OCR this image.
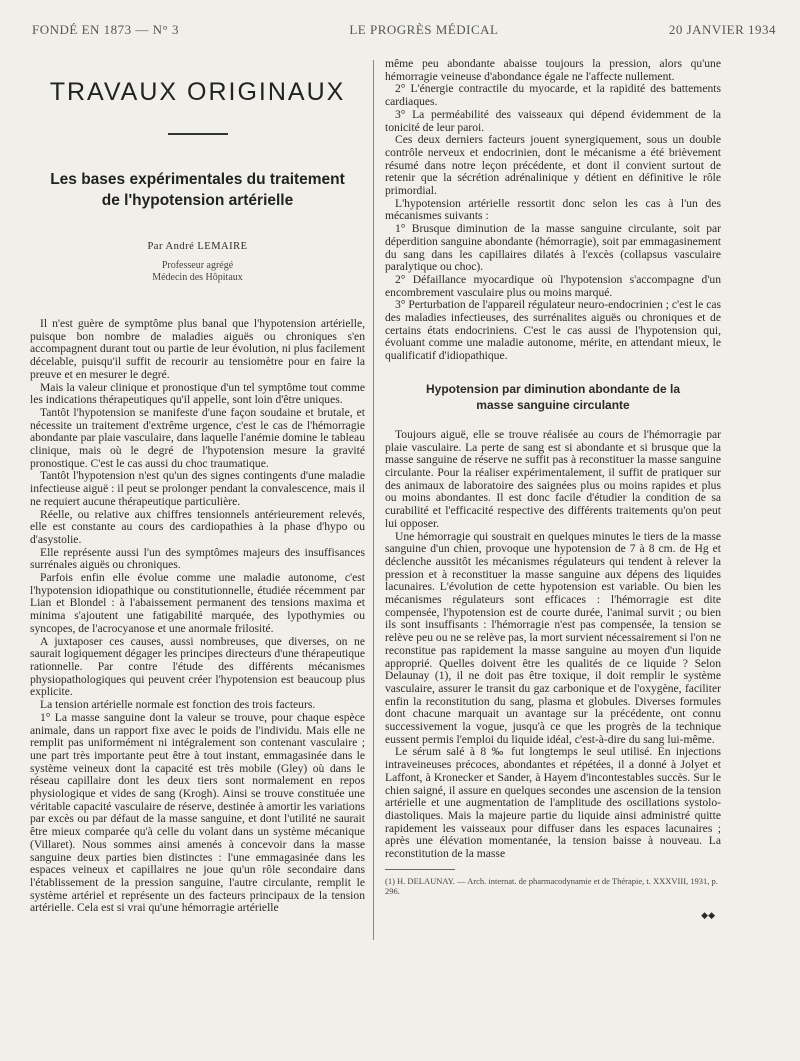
FONDÉ EN 1873 — N° 3	LE PROGRÈS MÉDICAL	20 JANVIER 1934
TRAVAUX ORIGINAUX
Les bases expérimentales du traitement
de l'hypotension artérielle
Par André LEMAIRE
Professeur agrégé
Médecin des Hôpitaux

Il n'est guère de symptôme plus banal que l'hypotension artérielle, puisque bon nombre de maladies aiguës ou chroniques s'en accompagnent durant tout ou partie de leur évolution, ni plus facilement décelable, puisqu'il suffit de recourir au tensiomètre pour en faire la preuve et en mesurer le degré.

Mais la valeur clinique et pronostique d'un tel symptôme tout comme les indications thérapeutiques qu'il appelle, sont loin d'être uniques.

Tantôt l'hypotension se manifeste d'une façon soudaine et brutale, et nécessite un traitement d'extrême urgence, c'est le cas de l'hémorragie abondante par plaie vasculaire, dans laquelle l'anémie domine le tableau clinique, mais où le degré de l'hypotension mesure la gravité pronostique. C'est le cas aussi du choc traumatique.

Tantôt l'hypotension n'est qu'un des signes contingents d'une maladie infectieuse aiguë : il peut se prolonger pendant la convalescence, mais il ne requiert aucune thérapeutique particulière.

Réelle, ou relative aux chiffres tensionnels antérieurement relevés, elle est constante au cours des cardiopathies à la phase d'hypo ou d'asystolie.

Elle représente aussi l'un des symptômes majeurs des insuffisances surrénales aiguës ou chroniques.

Parfois enfin elle évolue comme une maladie autonome, c'est l'hypotension idiopathique ou constitutionnelle, étudiée récemment par Lian et Blondel : à l'abaissement permanent des tensions maxima et minima s'ajoutent une fatigabilité marquée, des lypothymies ou syncopes, de l'acrocyanose et une anormale frilosité.

A juxtaposer ces causes, aussi nombreuses, que diverses, on ne saurait logiquement dégager les principes directeurs d'une thérapeutique rationnelle. Par contre l'étude des différents mécanismes physiopathologiques qui peuvent créer l'hypotension est beaucoup plus explicite.

La tension artérielle normale est fonction des trois facteurs.

1° La masse sanguine dont la valeur se trouve, pour chaque espèce animale, dans un rapport fixe avec le poids de l'individu. Mais elle ne remplit pas uniformément ni intégralement son contenant vasculaire ; une part très importante peut être à tout instant, emmagasinée dans le système veineux dont la capacité est très mobile (Gley) où dans le réseau capillaire dont les deux tiers sont normalement en repos physiologique et vides de sang (Krogh). Ainsi se trouve constituée une véritable capacité vasculaire de réserve, destinée à amortir les variations par excès ou par défaut de la masse sanguine, et dont l'utilité ne saurait être mieux comparée qu'à celle du volant dans un système mécanique (Villaret). Nous sommes ainsi amenés à concevoir dans la masse sanguine deux parties bien distinctes : l'une emmagasinée dans les espaces veineux et capillaires ne joue qu'un rôle secondaire dans l'établissement de la pression sanguine, l'autre circulante, remplit le système artériel et représente un des facteurs principaux de la tension artérielle. Cela est si vrai qu'une hémorragie artérielle

même peu abondante abaisse toujours la pression, alors qu'une hémorragie veineuse d'abondance égale ne l'affecte nullement.

2° L'énergie contractile du myocarde, et la rapidité des battements cardiaques.

3° La perméabilité des vaisseaux qui dépend évidemment de la tonicité de leur paroi.

Ces deux derniers facteurs jouent synergiquement, sous un double contrôle nerveux et endocrinien, dont le mécanisme a été brièvement résumé dans notre leçon précédente, et dont il convient surtout de retenir que la sécrétion adrénalinique y détient en définitive le rôle primordial.

L'hypotension artérielle ressortit donc selon les cas à l'un des mécanismes suivants :

1° Brusque diminution de la masse sanguine circulante, soit par déperdition sanguine abondante (hémorragie), soit par emmagasinement du sang dans les capillaires dilatés à l'excès (collapsus vasculaire paralytique ou choc).

2° Défaillance myocardique où l'hypotension s'accompagne d'un encombrement vasculaire plus ou moins marqué.

3° Perturbation de l'appareil régulateur neuro-endocrinien ; c'est le cas des maladies infectieuses, des surrénalites aiguës ou chroniques et de certains états endocriniens. C'est le cas aussi de l'hypotension qui, évoluant comme une maladie autonome, mérite, en attendant mieux, le qualificatif d'idiopathique.

Hypotension par diminution abondante de la
masse sanguine circulante

Toujours aiguë, elle se trouve réalisée au cours de l'hémorragie par plaie vasculaire. La perte de sang est si abondante et si brusque que la masse sanguine de réserve ne suffit pas à reconstituer la masse sanguine circulante. Pour la réaliser expérimentalement, il suffit de pratiquer sur des animaux de laboratoire des saignées plus ou moins rapides et plus ou moins abondantes. Il est donc facile d'étudier la condition de sa curabilité et l'efficacité respective des différents traitements qu'on peut lui opposer.

Une hémorragie qui soustrait en quelques minutes le tiers de la masse sanguine d'un chien, provoque une hypotension de 7 à 8 cm. de Hg et déclenche aussitôt les mécanismes régulateurs qui tendent à relever la pression et à reconstituer la masse sanguine aux dépens des liquides lacunaires. L'évolution de cette hypotension est variable. Ou bien les mécanismes régulateurs sont efficaces : l'hémorragie est dite compensée, l'hypotension est de courte durée, l'animal survit ; ou bien ils sont insuffisants : l'hémorragie n'est pas compensée, la tension se relève peu ou ne se relève pas, la mort survient nécessairement si l'on ne reconstitue pas rapidement la masse sanguine au moyen d'un liquide approprié. Quelles doivent être les qualités de ce liquide ? Selon Delaunay (1), il ne doit pas être toxique, il doit remplir le système vasculaire, assurer le transit du gaz carbonique et de l'oxygène, faciliter enfin la reconstitution du sang, plasma et globules. Diverses formules dont chacune marquait un avantage sur la précédente, ont connu successivement la vogue, jusqu'à ce que les progrès de la technique eussent permis l'emploi du liquide idéal, c'est-à-dire du sang lui-même.

Le sérum salé à 8 ‰ fut longtemps le seul utilisé. En injections intraveineuses précoces, abondantes et répétées, il a donné à Jolyet et Laffont, à Kronecker et Sander, à Hayem d'incontestables succès. Sur le chien saigné, il assure en quelques secondes une ascension de la tension artérielle et une augmentation de l'amplitude des oscillations systolo-diastoliques. Mais la majeure partie du liquide ainsi administré quitte rapidement les vaisseaux pour diffuser dans les espaces lacunaires ; après une élévation momentanée, la tension baisse à nouveau. La reconstitution de la masse

(1) H. DELAUNAY. — Arch. internat. de pharmacodynamie et de Thérapie, t. XXXVIII, 1931, p. 296.
◆◆
